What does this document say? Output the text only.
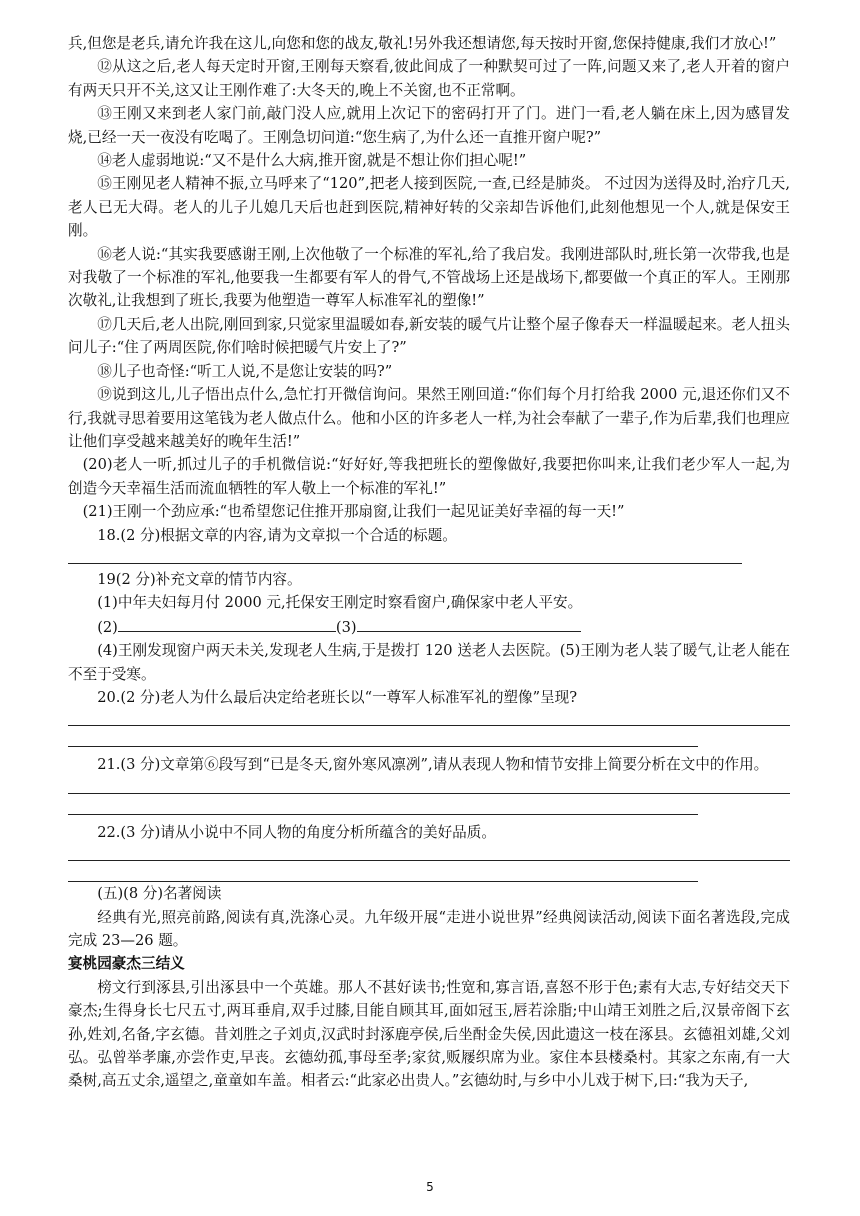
兵,但您是老兵,请允许我在这儿,向您和您的战友,敬礼!另外我还想请您,每天按时开窗,您保持健康,我们才放心!”

⑫从这之后,老人每天定时开窗,王刚每天察看,彼此间成了一种默契可过了一阵,问题又来了,老人开着的窗户有两天只开不关,这又让王刚作难了:大冬天的,晚上不关窗,也不正常啊。

⑬王刚又来到老人家门前,敲门没人应,就用上次记下的密码打开了门。进门一看,老人躺在床上,因为感冒发烧,已经一天一夜没有吃喝了。王刚急切问道:“您生病了,为什么还一直推开窗户呢?”

⑭老人虚弱地说:“又不是什么大病,推开窗,就是不想让你们担心呢!”

⑮王刚见老人精神不振,立马呼来了“120”,把老人接到医院,一查,已经是肺炎。 不过因为送得及时,治疗几天,老人已无大碍。老人的儿子儿媳几天后也赶到医院,精神好转的父亲却告诉他们,此刻他想见一个人,就是保安王刚。

⑯老人说:“其实我要感谢王刚,上次他敬了一个标准的军礼,给了我启发。我刚进部队时,班长第一次带我,也是对我敬了一个标准的军礼,他要我一生都要有军人的骨气,不管战场上还是战场下,都要做一个真正的军人。王刚那次敬礼,让我想到了班长,我要为他塑造一尊军人标准军礼的塑像!”

⑰几天后,老人出院,刚回到家,只觉家里温暖如春,新安装的暖气片让整个屋子像春天一样温暖起来。老人扭头问儿子:“住了两周医院,你们啥时候把暖气片安上了?”

⑱儿子也奇怪:“听工人说,不是您让安装的吗?”

⑲说到这儿,儿子悟出点什么,急忙打开微信询问。果然王刚回道:“你们每个月打给我 2000 元,退还你们又不行,我就寻思着要用这笔钱为老人做点什么。他和小区的许多老人一样,为社会奉献了一辈子,作为后辈,我们也理应让他们享受越来越美好的晚年生活!”

(20)老人一听,抓过儿子的手机微信说:“好好好,等我把班长的塑像做好,我要把你叫来,让我们老少军人一起,为创造今天幸福生活而流血牺牲的军人敬上一个标准的军礼!”

(21)王刚一个劲应承:“也希望您记住推开那扇窗,让我们一起见证美好幸福的每一天!”

18.(2 分)根据文章的内容,请为文章拟一个合适的标题。

19(2 分)补充文章的情节内容。

(1)中年夫妇每月付 2000 元,托保安王刚定时察看窗户,确保家中老人平安。

(2)	(3)

(4)王刚发现窗户两天未关,发现老人生病,于是拨打 120 送老人去医院。(5)王刚为老人装了暖气,让老人能在不至于受寒。

20.(2 分)老人为什么最后决定给老班长以“一尊军人标准军礼的塑像”呈现?

21.(3 分)文章第⑥段写到“已是冬天,窗外寒风凛冽”,请从表现人物和情节安排上简要分析在文中的作用。

22.(3 分)请从小说中不同人物的角度分析所蕴含的美好品质。

(五)(8 分)名著阅读

经典有光,照亮前路,阅读有真,洗涤心灵。九年级开展“走进小说世界”经典阅读活动,阅读下面名著选段,完成完成 23—26 题。

宴桃园豪杰三结义

榜文行到涿县,引出涿县中一个英雄。那人不甚好读书;性宽和,寡言语,喜怒不形于色;素有大志,专好结交天下豪杰;生得身长七尺五寸,两耳垂肩,双手过膝,目能自顾其耳,面如冠玉,唇若涂脂;中山靖王刘胜之后,汉景帝阁下玄孙,姓刘,名备,字玄德。昔刘胜之子刘贞,汉武时封涿鹿亭侯,后坐酎金失侯,因此遗这一枝在涿县。玄德祖刘雄,父刘弘。弘曾举孝廉,亦尝作吏,早丧。玄德幼孤,事母至孝;家贫,贩屦织席为业。家住本县楼桑村。其家之东南,有一大桑树,高五丈余,遥望之,童童如车盖。相者云:“此家必出贵人。”玄德幼时,与乡中小儿戏于树下,曰:“我为天子,

5
